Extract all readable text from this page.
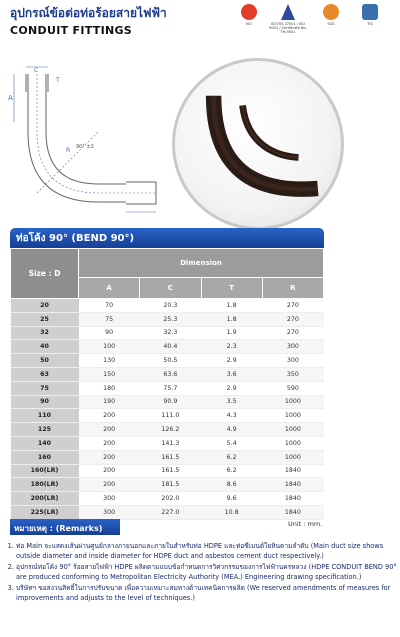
อุปกรณ์ข้อต่อท่อร้อยสายไฟฟ้า
CONDUIT FITTINGS	ISO	ISO/TIS 27001 / ISO 9001 / Certificate No. TH-9001
SGS	TIS
A
C
T
R 90° ±2
ท่อโค้ง 90° (BEND 90°)
Size : D	Dimension			
	A	C	T	R
20	70	20.3	1.8	270
25	75	25.3	1.8	270
32	90	32.3	1.9	270
40	100	40.4	2.3	300
50	130	50.5	2.9	300
63	150	63.6	3.6	350
75	180	75.7	2.9	590
90	190	90.9	3.5	1000
110	200	111.0	4.3	1000
125	200	126.2	4.9	1000
140	200	141.3	5.4	1000
160	200	161.5	6.2	1000
160(LR)	200	161.5	6.2	1840
180(LR)	200	181.5	8.6	1840
200(LR)	300	202.0	9.6	1840
225(LR)	300	227.0	10.8	1840
หมายเหตุ : (Remarks)	Unit : mm.
1. ท่อ Main จะแสดงเส้นผ่านศูนย์กลางภายนอกและภายในสำหรับท่อ HDPE และท่อซีเมนต์ใยหินตามลำดับ (Main duct size shows outside diameter and inside diameter for HDPE duct and asbestos cement duct respectively.)
2. อุปกรณ์ท่อโค้ง 90° ร้อยสายไฟฟ้า HDPE ผลิตตามแบบข้อกำหนดการวิศวกรรมของการไฟฟ้านครหลวง (HDPE CONDUIT BEND 90° are produced conforming to Metropolitan Electricity Authority (MEA.) Engineering drawing specification.)
3. บริษัทฯ ขอสงวนสิทธิ์ในการปรับขนาด เพื่อความเหมาะสมทางด้านเทคนิคการผลิต (We reserved amendments of measures for improvements and adjusts to the level of techniques.)
